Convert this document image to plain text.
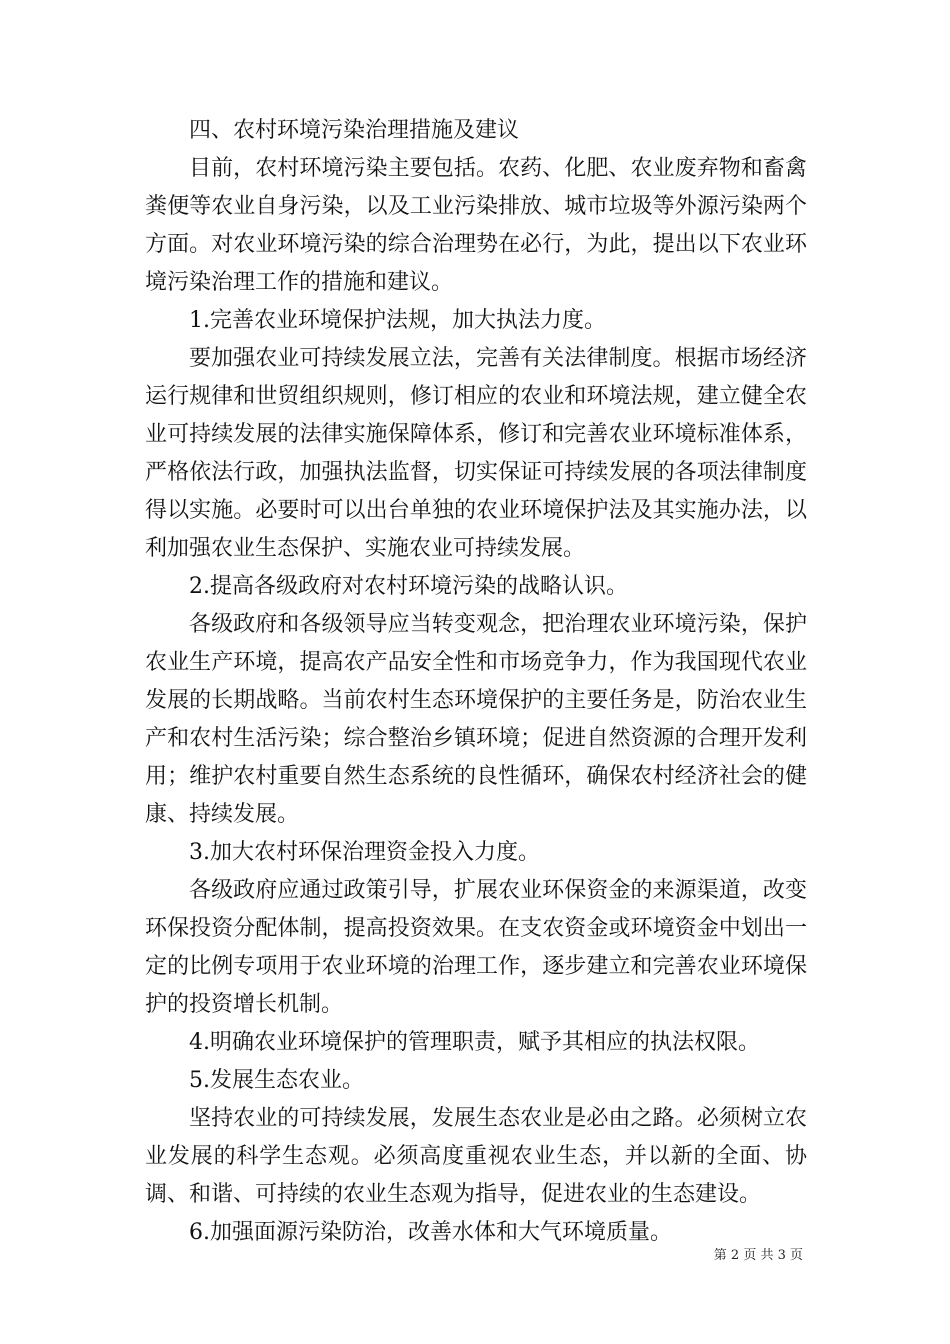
四、农村环境污染治理措施及建议

目前，农村环境污染主要包括。农药、化肥、农业废弃物和畜禽粪便等农业自身污染，以及工业污染排放、城市垃圾等外源污染两个方面。对农业环境污染的综合治理势在必行，为此，提出以下农业环境污染治理工作的措施和建议。

1.完善农业环境保护法规，加大执法力度。

要加强农业可持续发展立法，完善有关法律制度。根据市场经济运行规律和世贸组织规则，修订相应的农业和环境法规，建立健全农业可持续发展的法律实施保障体系，修订和完善农业环境标准体系，严格依法行政，加强执法监督，切实保证可持续发展的各项法律制度得以实施。必要时可以出台单独的农业环境保护法及其实施办法，以利加强农业生态保护、实施农业可持续发展。

2.提高各级政府对农村环境污染的战略认识。

各级政府和各级领导应当转变观念，把治理农业环境污染，保护农业生产环境，提高农产品安全性和市场竞争力，作为我国现代农业发展的长期战略。当前农村生态环境保护的主要任务是，防治农业生产和农村生活污染；综合整治乡镇环境；促进自然资源的合理开发利用；维护农村重要自然生态系统的良性循环，确保农村经济社会的健康、持续发展。

3.加大农村环保治理资金投入力度。

各级政府应通过政策引导，扩展农业环保资金的来源渠道，改变环保投资分配体制，提高投资效果。在支农资金或环境资金中划出一定的比例专项用于农业环境的治理工作，逐步建立和完善农业环境保护的投资增长机制。

4.明确农业环境保护的管理职责，赋予其相应的执法权限。

5.发展生态农业。

坚持农业的可持续发展，发展生态农业是必由之路。必须树立农业发展的科学生态观。必须高度重视农业生态，并以新的全面、协调、和谐、可持续的农业生态观为指导，促进农业的生态建设。

6.加强面源污染防治，改善水体和大气环境质量。

第 2 页 共 3 页
